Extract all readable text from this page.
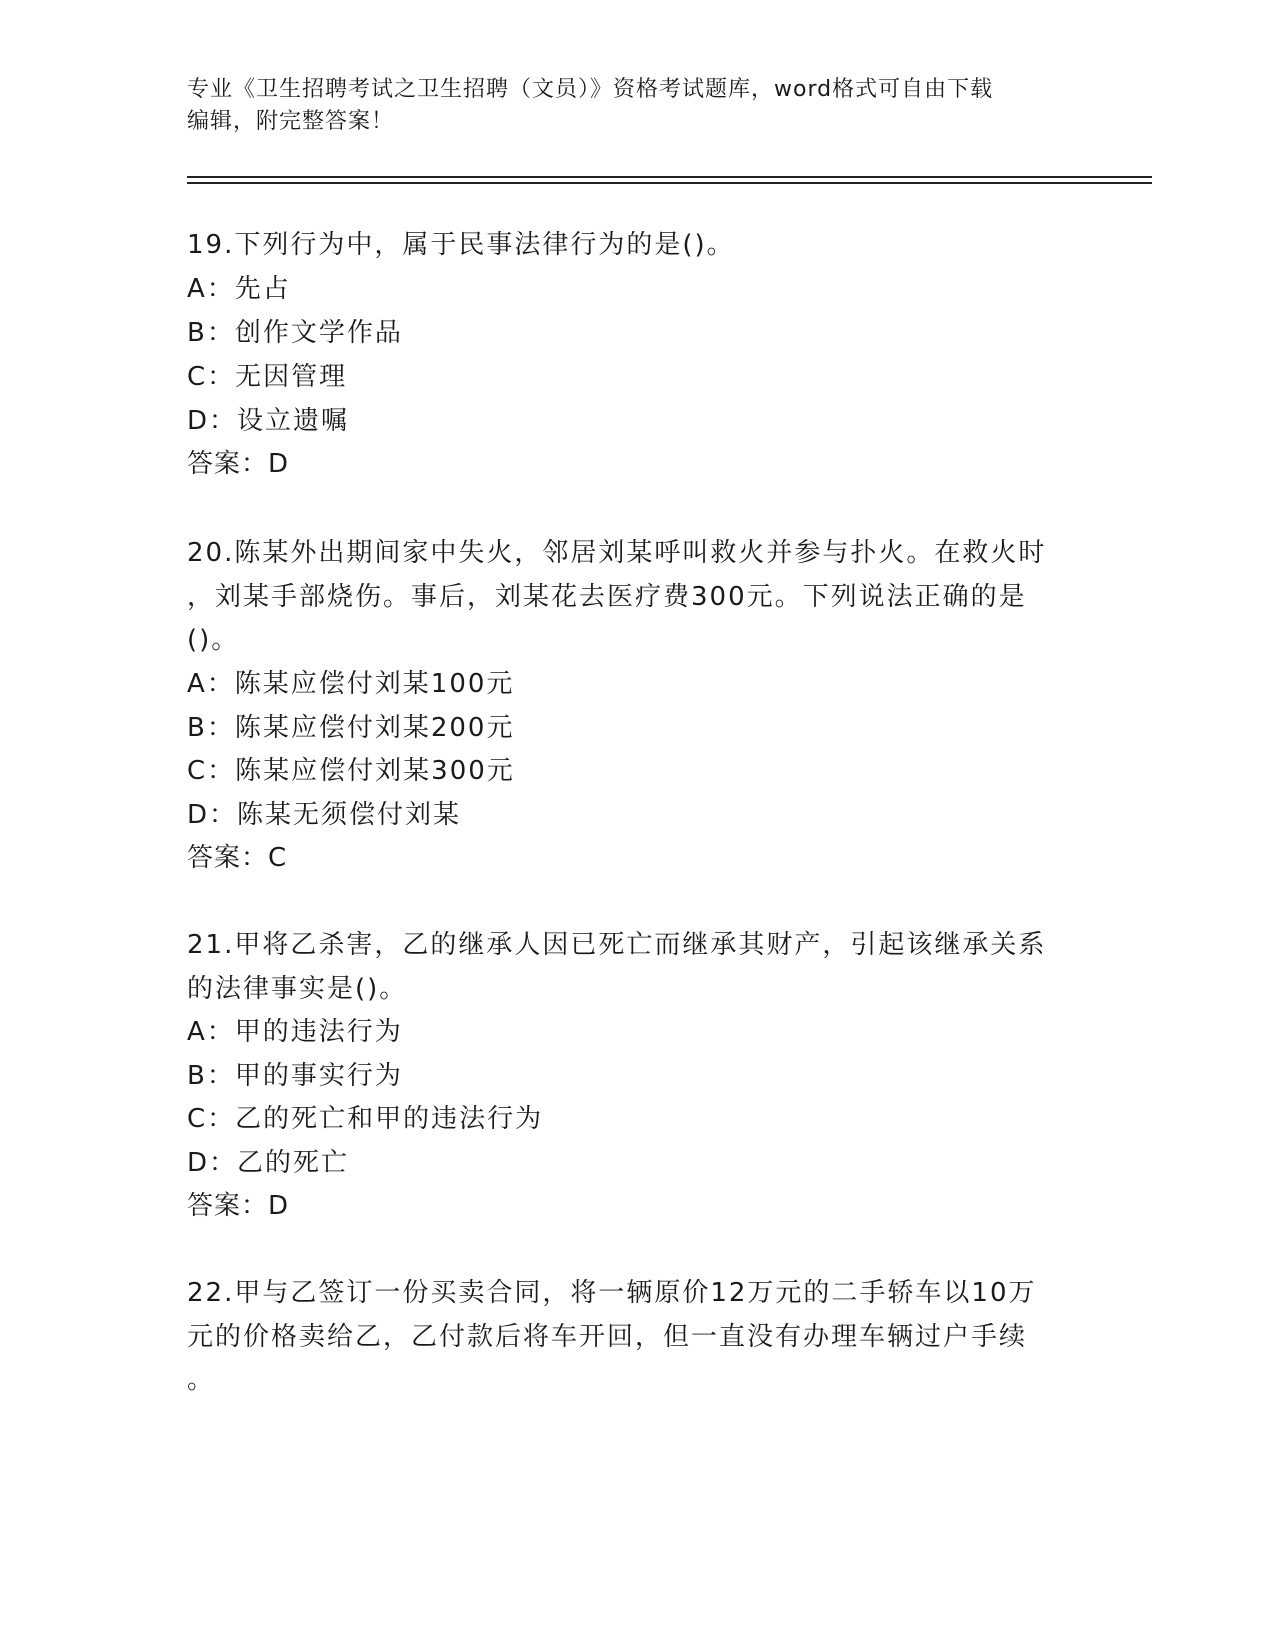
专业《卫生招聘考试之卫生招聘（文员）》资格考试题库，word格式可自由下载
编辑，附完整答案！
19.下列行为中，属于民事法律行为的是()。
A：先占
B：创作文学作品
C：无因管理
D：设立遗嘱
答案：D
20.陈某外出期间家中失火，邻居刘某呼叫救火并参与扑火。在救火时
，刘某手部烧伤。事后，刘某花去医疗费300元。下列说法正确的是
()。
A：陈某应偿付刘某100元
B：陈某应偿付刘某200元
C：陈某应偿付刘某300元
D：陈某无须偿付刘某
答案：C
21.甲将乙杀害，乙的继承人因已死亡而继承其财产，引起该继承关系
的法律事实是()。
A：甲的违法行为
B：甲的事实行为
C：乙的死亡和甲的违法行为
D：乙的死亡
答案：D
22.甲与乙签订一份买卖合同，将一辆原价12万元的二手轿车以10万
元的价格卖给乙，乙付款后将车开回，但一直没有办理车辆过户手续
。
